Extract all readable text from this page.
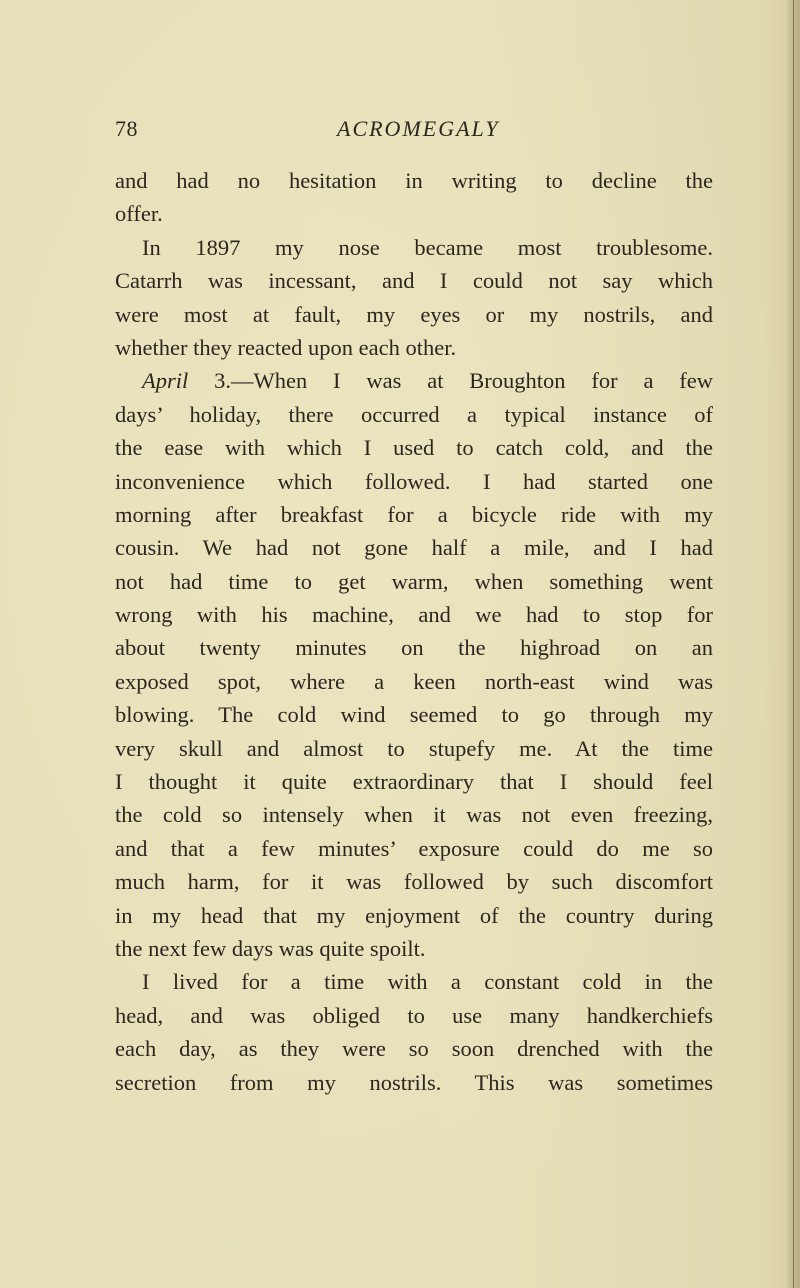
78	ACROMEGALY
and had no hesitation in writing to decline the
offer.
In 1897 my nose became most troublesome.
Catarrh was incessant, and I could not say which
were most at fault, my eyes or my nostrils, and
whether they reacted upon each other.
April 3.—When I was at Broughton for a few
days’ holiday, there occurred a typical instance of
the ease with which I used to catch cold, and the
inconvenience which followed. I had started one
morning after breakfast for a bicycle ride with my
cousin. We had not gone half a mile, and I had
not had time to get warm, when something went
wrong with his machine, and we had to stop for
about twenty minutes on the highroad on an
exposed spot, where a keen north-east wind was
blowing. The cold wind seemed to go through my
very skull and almost to stupefy me. At the time
I thought it quite extraordinary that I should feel
the cold so intensely when it was not even freezing,
and that a few minutes’ exposure could do me so
much harm, for it was followed by such discomfort
in my head that my enjoyment of the country during
the next few days was quite spoilt.
I lived for a time with a constant cold in the
head, and was obliged to use many handkerchiefs
each day, as they were so soon drenched with the
secretion from my nostrils. This was sometimes
